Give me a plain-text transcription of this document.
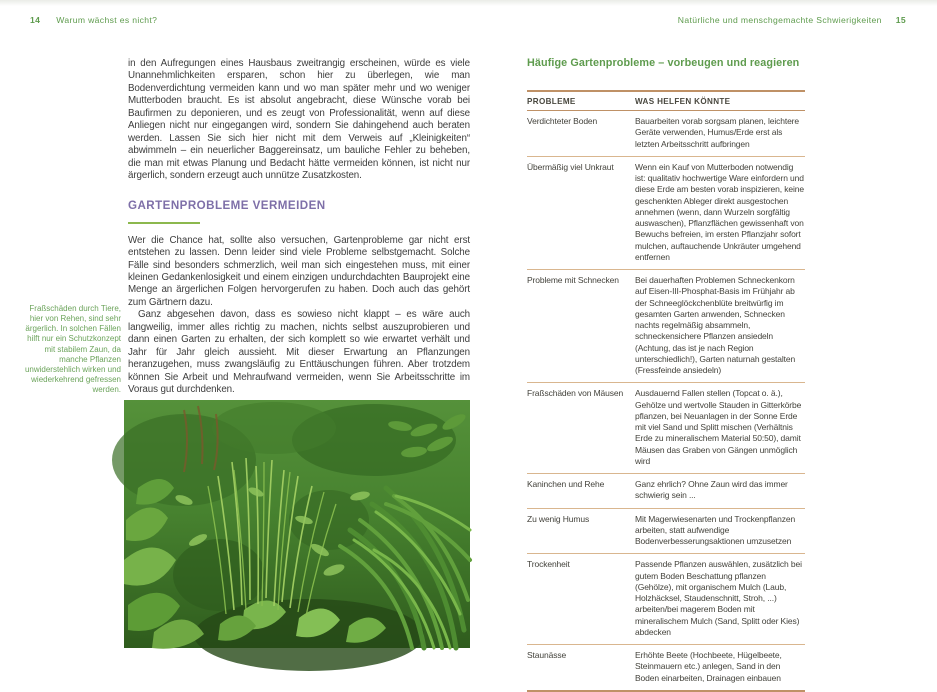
14 Warum wächst es nicht?	Natürliche und menschgemachte Schwierigkeiten 15

in den Aufregungen eines Hausbaus zweitrangig erscheinen, würde es viele Unannehmlichkeiten ersparen, schon hier zu überlegen, wie man Bodenverdichtung vermeiden kann und wo man später mehr und wo weniger Mutterboden braucht. Es ist absolut angebracht, diese Wünsche vorab bei Baufirmen zu deponieren, und es zeugt von Professionalität, wenn auf diese Anliegen nicht nur eingegangen wird, sondern Sie dahingehend auch beraten werden. Lassen Sie sich hier nicht mit dem Verweis auf „Kleinigkeiten“ abwimmeln – ein neuerlicher Baggereinsatz, um bauliche Fehler zu beheben, die man mit etwas Planung und Bedacht hätte vermeiden können, ist nicht nur ärgerlich, sondern erzeugt auch unnütze Zusatzkosten.

GARTENPROBLEME VERMEIDEN

Wer die Chance hat, sollte also versuchen, Gartenprobleme gar nicht erst entstehen zu lassen. Denn leider sind viele Probleme selbstgemacht. Solche Fälle sind besonders schmerzlich, weil man sich eingestehen muss, mit einer kleinen Gedankenlosigkeit und einem einzigen undurchdachten Bauprojekt eine Menge an ärgerlichen Folgen hervorgerufen zu haben. Doch auch das gehört zum Gärtnern dazu.

Ganz abgesehen davon, dass es sowieso nicht klappt – es wäre auch langweilig, immer alles richtig zu machen, nichts selbst auszuprobieren und dann einen Garten zu erhalten, der sich komplett so wie erwartet verhält und Jahr für Jahr gleich aussieht. Mit dieser Erwartung an Pflanzungen heranzugehen, muss zwangsläufig zu Enttäuschungen führen. Aber trotzdem können Sie Arbeit und Mehraufwand vermeiden, wenn Sie Arbeitsschritte im Voraus gut durchdenken.

Fraßschäden durch Tiere, hier von Rehen, sind sehr ärgerlich. In solchen Fällen hilft nur ein Schutzkonzept mit stabilem Zaun, da manche Pflanzen unwiderstehlich wirken und wiederkehrend gefressen werden.
Häufige Gartenprobleme – vorbeugen und reagieren
PROBLEME	WAS HELFEN KÖNNTE
Verdichteter Boden	Bauarbeiten vorab sorgsam planen, leichtere Geräte verwenden, Humus/Erde erst als letzten Arbeitsschritt aufbringen
Übermäßig viel Unkraut	Wenn ein Kauf von Mutterboden notwendig ist: qualitativ hochwertige Ware einfordern und diese Erde am besten vorab inspizieren, keine geschenkten Ableger direkt ausgestochen annehmen (wenn, dann Wurzeln sorgfältig auswaschen), Pflanzflächen gewissenhaft von Bewuchs befreien, im ersten Pflanzjahr sofort mulchen, auftauchende Unkräuter umgehend entfernen
Probleme mit Schnecken	Bei dauerhaften Problemen Schneckenkorn auf Eisen-III-Phosphat-Basis im Frühjahr ab der Schneeglöckchenblüte breitwürfig im gesamten Garten anwenden, Schnecken nachts regelmäßig absammeln, schneckensichere Pflanzen ansiedeln (Achtung, das ist je nach Region unterschiedlich!), Garten naturnah gestalten (Fressfeinde ansiedeln)
Fraßschäden von Mäusen	Ausdauernd Fallen stellen (Topcat o. ä.), Gehölze und wertvolle Stauden in Gitterkörbe pflanzen, bei Neuanlagen in der Sonne Erde mit viel Sand und Splitt mischen (Verhältnis Erde zu mineralischem Material 50:50), damit Mäusen das Graben von Gängen unmöglich wird
Kaninchen und Rehe	Ganz ehrlich? Ohne Zaun wird das immer schwierig sein ...
Zu wenig Humus	Mit Magerwiesenarten und Trockenpflanzen arbeiten, statt aufwendige Bodenverbesserungsaktionen umzusetzen
Trockenheit	Passende Pflanzen auswählen, zusätzlich bei gutem Boden Beschattung pflanzen (Gehölze), mit organischem Mulch (Laub, Holzhäcksel, Staudenschnitt, Stroh, ...) arbeiten/bei magerem Boden mit mineralischem Mulch (Sand, Splitt oder Kies) abdecken
Staunässe	Erhöhte Beete (Hochbeete, Hügelbeete, Steinmauern etc.) anlegen, Sand in den Boden einarbeiten, Drainagen einbauen
